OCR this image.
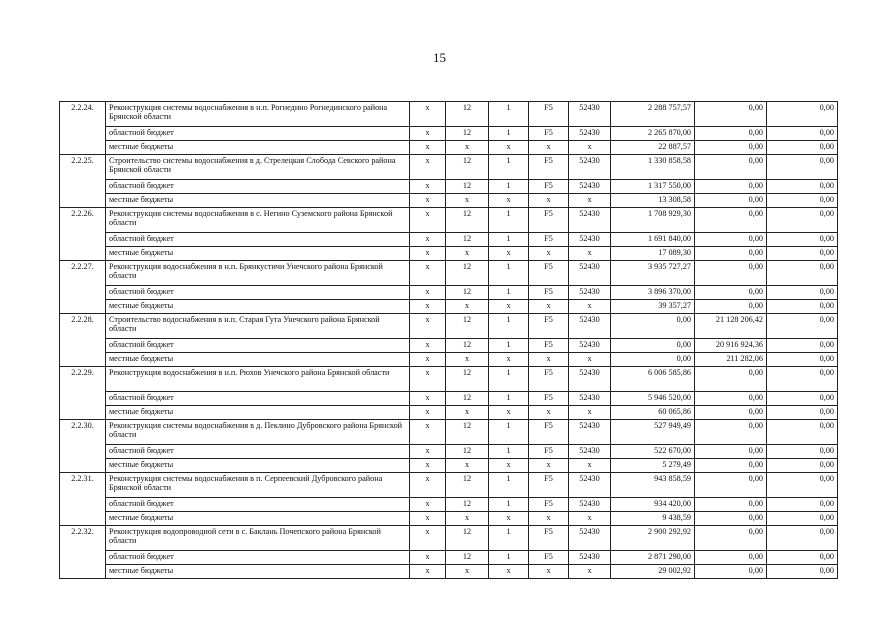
15
2.2.24.	Реконструкция системы водоснабжения в н.п. Рогнедино Рогнединского района Брянской области	х	12	1	F5	52430	2 288 757,57	0,00	0,00
	областной бюджет	х	12	1	F5	52430	2 265 870,00	0,00	0,00
	местные бюджеты	х	х	х	х	х	22 887,57	0,00	0,00
2.2.25.	Строительство системы водоснабжения в д. Стрелецкая Слобода Севского района Брянской области	х	12	1	F5	52430	1 330 858,58	0,00	0,00
	областной бюджет	х	12	1	F5	52430	1 317 550,00	0,00	0,00
	местные бюджеты	х	х	х	х	х	13 308,58	0,00	0,00
2.2.26.	Реконструкция системы водоснабжения в с. Негино Суземского района Брянской области	х	12	1	F5	52430	1 708 929,30	0,00	0,00
	областной бюджет	х	12	1	F5	52430	1 691 840,00	0,00	0,00
	местные бюджеты	х	х	х	х	х	17 089,30	0,00	0,00
2.2.27.	Реконструкция водоснабжения в н.п. Брянкустичи Унечского района Брянской области	х	12	1	F5	52430	3 935 727,27	0,00	0,00
	областной бюджет	х	12	1	F5	52430	3 896 370,00	0,00	0,00
	местные бюджеты	х	х	х	х	х	39 357,27	0,00	0,00
2.2.28.	Строительство водоснабжения в н.п. Старая Гута Унечского района Брянской области	х	12	1	F5	52430	0,00	21 128 206,42	0,00
	областной бюджет	х	12	1	F5	52430	0,00	20 916 924,36	0,00
	местные бюджеты	х	х	х	х	х	0,00	211 282,06	0,00
2.2.29.	Реконструкция водоснабжения в н.п. Рюхов Унечского района Брянской области	х	12	1	F5	52430	6 006 585,86	0,00	0,00
	областной бюджет	х	12	1	F5	52430	5 946 520,00	0,00	0,00
	местные бюджеты	х	х	х	х	х	60 065,86	0,00	0,00
2.2.30.	Реконструкция системы водоснабжения в д. Пеклино Дубровского района Брянской области	х	12	1	F5	52430	527 949,49	0,00	0,00
	областной бюджет	х	12	1	F5	52430	522 670,00	0,00	0,00
	местные бюджеты	х	х	х	х	х	5 279,49	0,00	0,00
2.2.31.	Реконструкция системы водоснабжения в п. Серпеевский Дубровского района Брянской области	х	12	1	F5	52430	943 858,59	0,00	0,00
	областной бюджет	х	12	1	F5	52430	934 420,00	0,00	0,00
	местные бюджеты	х	х	х	х	х	9 438,59	0,00	0,00
2.2.32.	Реконструкция водопроводной сети в с. Баклань Почепского района Брянской области	х	12	1	F5	52430	2 900 292,92	0,00	0,00
	областной бюджет	х	12	1	F5	52430	2 871 290,00	0,00	0,00
	местные бюджеты	х	х	х	х	х	29 002,92	0,00	0,00
